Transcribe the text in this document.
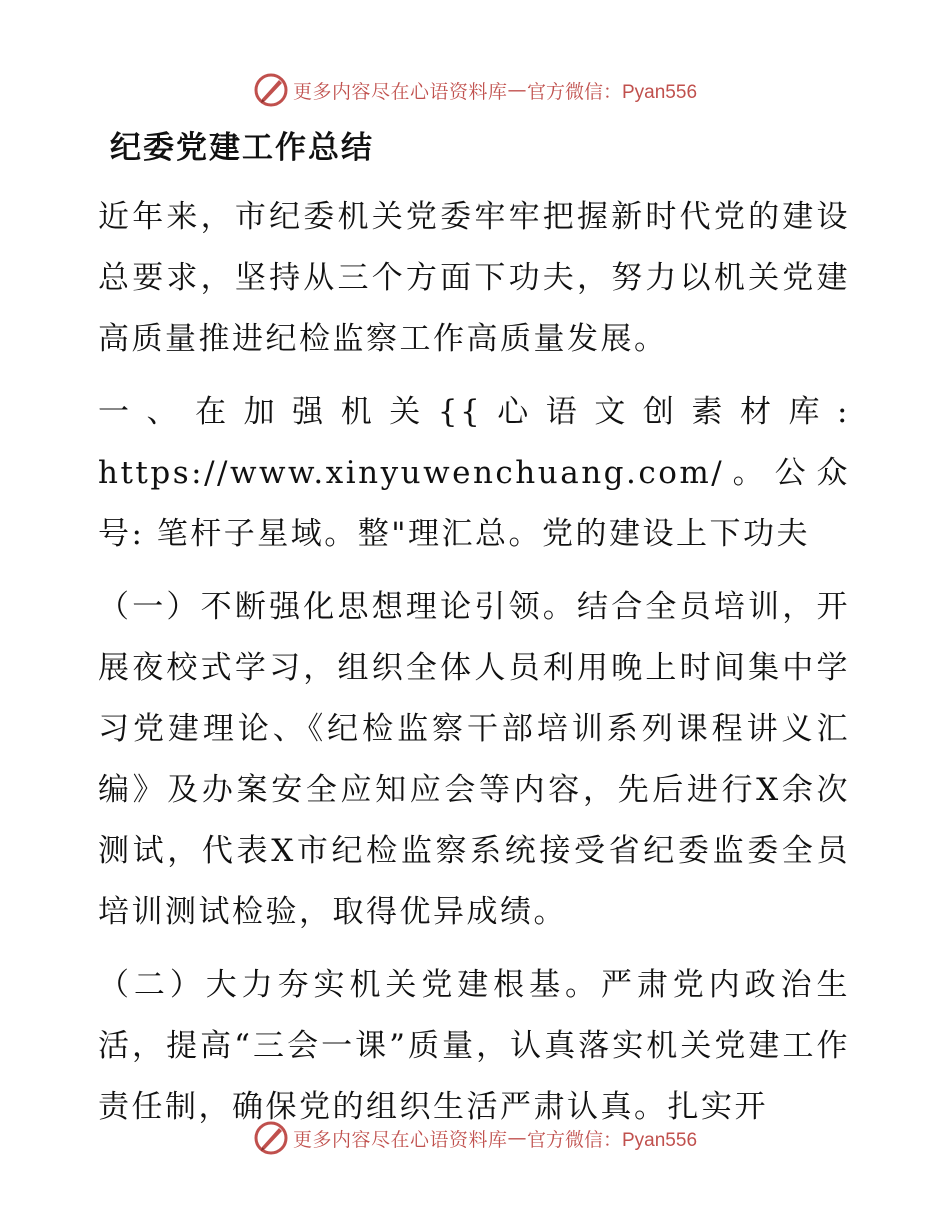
更多内容尽在心语资料库 — 官方微信：Pyan556
纪委党建工作总结

近年来，市纪委机关党委牢牢把握新时代党的建设总要求，坚持从三个方面下功夫，努力以机关党建高质量推进纪检监察工作高质量发展。

一、在加强机关{{心语文创素材库: https://www.xinyuwenchuang.com/。公众号: 笔杆子星域。整"理汇总。党的建设上下功夫

（一）不断强化思想理论引领。结合全员培训，开展夜校式学习，组织全体人员利用晚上时间集中学习党建理论、《纪检监察干部培训系列课程讲义汇编》及办案安全应知应会等内容，先后进行X余次测试，代表X市纪检监察系统接受省纪委监委全员培训测试检验，取得优异成绩。

（二）大力夯实机关党建根基。严肃党内政治生活，提高“三会一课”质量，认真落实机关党建工作责任制，确保党的组织生活严肃认真。扎实开

更多内容尽在心语资料库 — 官方微信：Pyan556
